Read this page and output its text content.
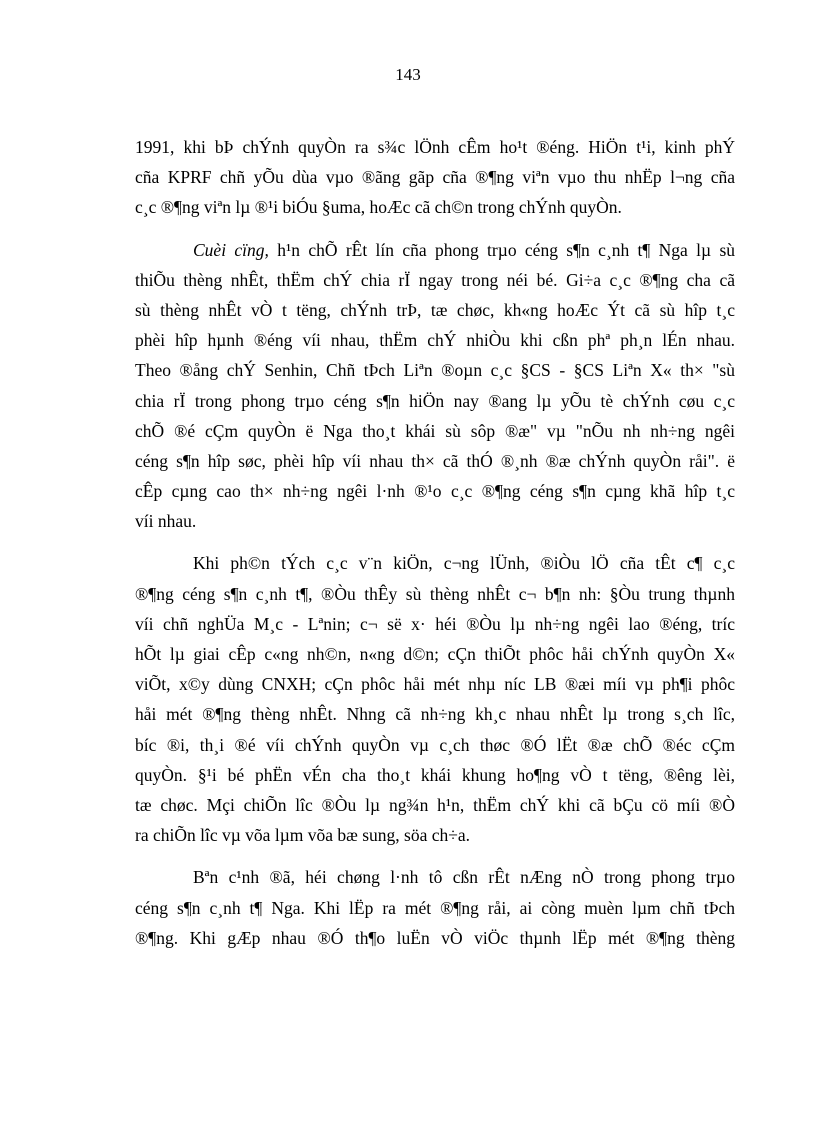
143
1991, khi bÞ chÝnh quyÒn ra s¾c lÖnh cÊm ho¹t ®éng. HiÖn t¹i, kinh phÝ
cña KPRF chñ yÕu dùa vµo ®ãng gãp cña ®¶ng viªn vµo thu nhËp l¬ng cña
c¸c ®¶ng viªn lµ ®¹i biÓu §uma, hoÆc cã ch©n trong chÝnh quyÒn.
Cuèi cïng, h¹n chÕ rÊt lín cña phong trµo céng s¶n c¸nh t¶ Nga lµ sù
thiÕu thèng nhÊt, thËm chÝ chia rÏ ngay trong néi bé. Gi÷a c¸c ®¶ng cha cã
sù thèng nhÊt vÒ t tëng, chÝnh trÞ, tæ chøc, kh«ng hoÆc Ýt cã sù hîp t¸c
phèi hîp hµnh ®éng víi nhau, thËm chÝ nhiÒu khi cßn phª ph¸n lÉn nhau.
Theo ®ång chÝ Senhin, Chñ tÞch Liªn ®oµn c¸c §CS - §CS Liªn X« th× "sù
chia rÏ trong phong trµo céng s¶n hiÖn nay ®ang lµ yÕu tè chÝnh cøu c¸c
chÕ ®é cÇm quyÒn ë Nga tho¸t khái sù sôp ®æ" vµ "nÕu nh nh÷ng ngêi
céng s¶n hîp søc, phèi hîp víi nhau th× cã thÓ ®¸nh ®æ chÝnh quyÒn råi". ë
cÊp cµng cao th× nh÷ng ngêi l·nh ®¹o c¸c ®¶ng céng s¶n cµng khã hîp t¸c
víi nhau.
Khi ph©n tÝch c¸c v¨n kiÖn, c¬ng lÜnh, ®iÒu lÖ cña tÊt c¶ c¸c
®¶ng céng s¶n c¸nh t¶, ®Òu thÊy sù thèng nhÊt c¬ b¶n nh: §Òu trung thµnh
víi chñ nghÜa M¸c - Lªnin; c¬ së x· héi ®Òu lµ nh÷ng ngêi lao ®éng, tríc
hÕt lµ giai cÊp c«ng nh©n, n«ng d©n; cÇn thiÕt phôc håi chÝnh quyÒn X«
viÕt, x©y dùng CNXH; cÇn phôc håi mét nhµ níc LB ®æi míi vµ ph¶i phôc
håi mét ®¶ng thèng nhÊt. Nhng cã nh÷ng kh¸c nhau nhÊt lµ trong s¸ch lîc,
bíc ®i, th¸i ®é víi chÝnh quyÒn vµ c¸ch thøc ®Ó lËt ®æ chÕ ®éc cÇm
quyÒn. §¹i bé phËn vÉn cha tho¸t khái khung ho¶ng vÒ t tëng, ®êng lèi,
tæ chøc. Mçi chiÕn lîc ®Òu lµ ng¾n h¹n, thËm chÝ khi cã bÇu cö míi ®Ò
ra chiÕn lîc vµ võa lµm võa bæ sung, söa ch÷a.
Bªn c¹nh ®ã, héi chøng l·nh tô cßn rÊt nÆng nÒ trong phong trµo
céng s¶n c¸nh t¶ Nga. Khi lËp ra mét ®¶ng råi, ai còng muèn lµm chñ tÞch
®¶ng. Khi gÆp nhau ®Ó th¶o luËn vÒ viÖc thµnh lËp mét ®¶ng thèng
